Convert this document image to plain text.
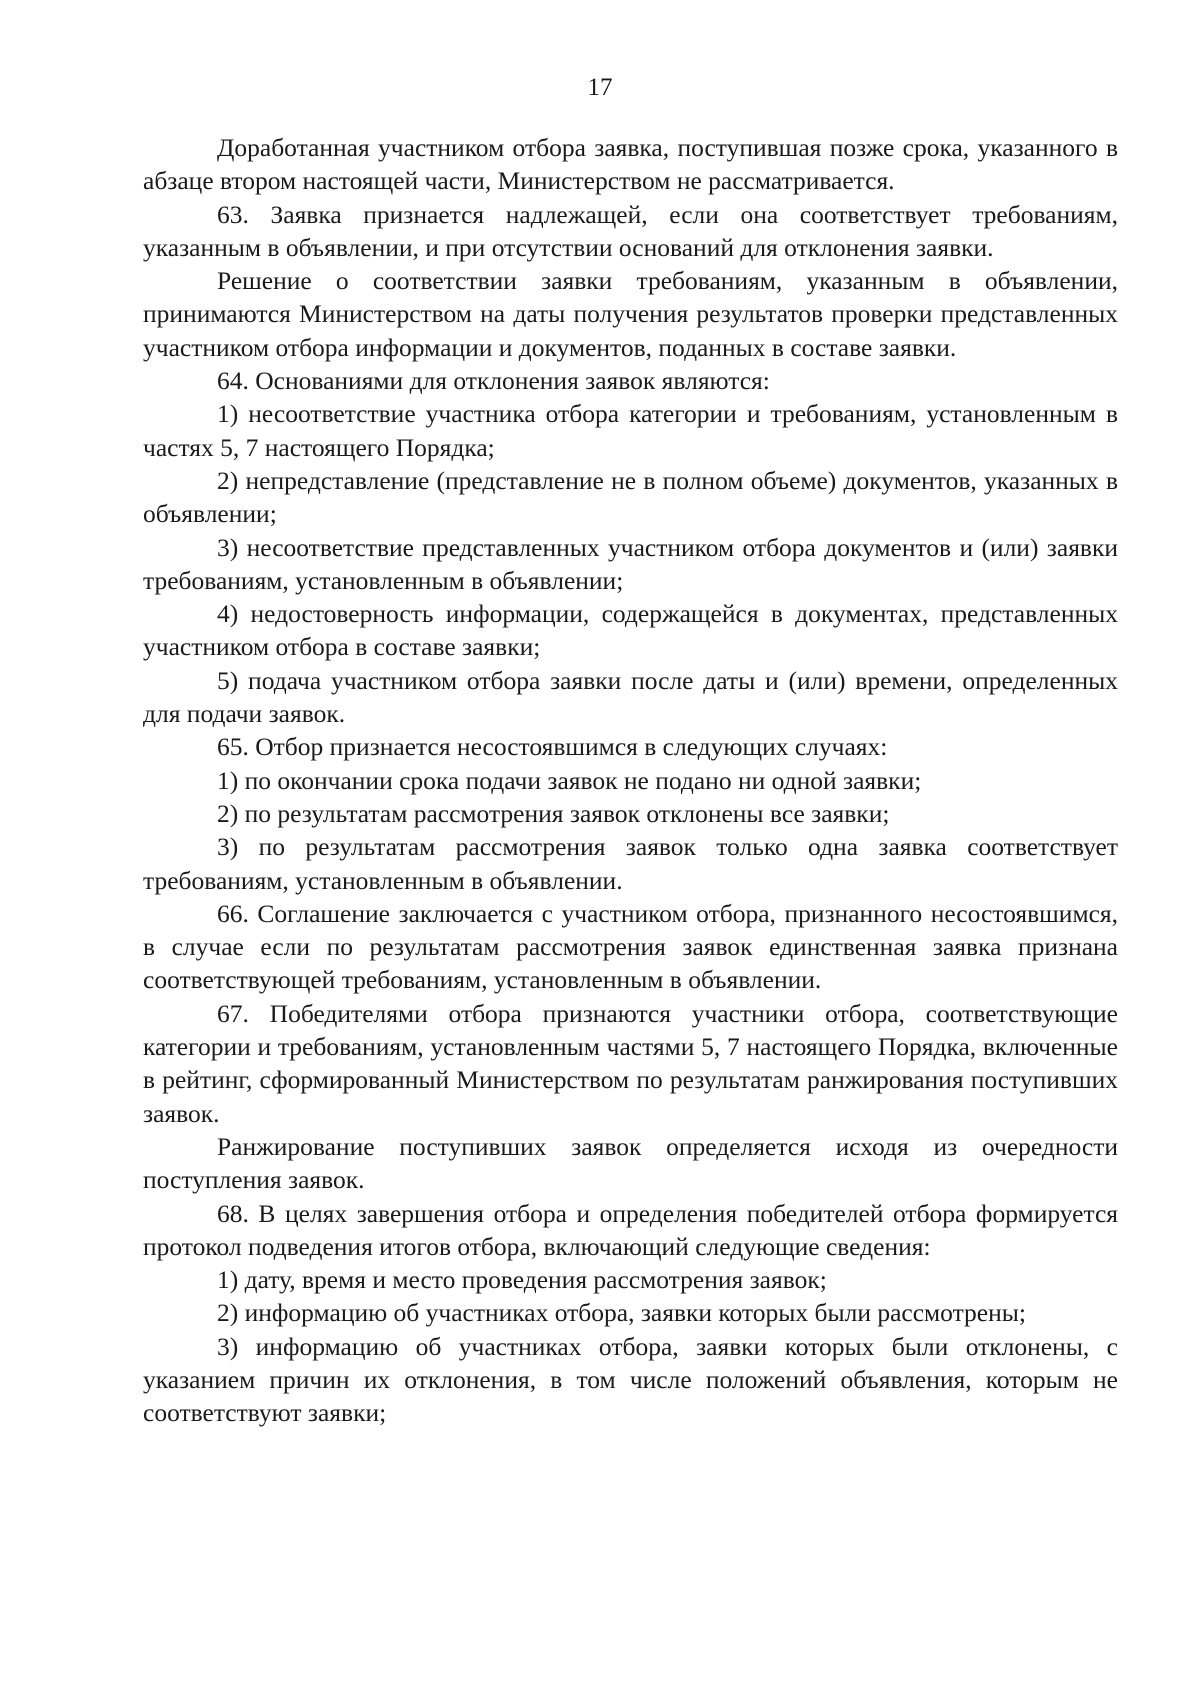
17

Доработанная участником отбора заявка, поступившая позже срока, указанного в абзаце втором настоящей части, Министерством не рассматривается.

63. Заявка признается надлежащей, если она соответствует требованиям, указанным в объявлении, и при отсутствии оснований для отклонения заявки.

Решение о соответствии заявки требованиям, указанным в объявлении, принимаются Министерством на даты получения результатов проверки представленных участником отбора информации и документов, поданных в составе заявки.

64. Основаниями для отклонения заявок являются:

1) несоответствие участника отбора категории и требованиям, установленным в частях 5, 7 настоящего Порядка;

2) непредставление (представление не в полном объеме) документов, указанных в объявлении;

3) несоответствие представленных участником отбора документов и (или) заявки требованиям, установленным в объявлении;

4) недостоверность информации, содержащейся в документах, представленных участником отбора в составе заявки;

5) подача участником отбора заявки после даты и (или) времени, определенных для подачи заявок.

65. Отбор признается несостоявшимся в следующих случаях:

1) по окончании срока подачи заявок не подано ни одной заявки;

2) по результатам рассмотрения заявок отклонены все заявки;

3) по результатам рассмотрения заявок только одна заявка соответствует требованиям, установленным в объявлении.

66. Соглашение заключается с участником отбора, признанного несостоявшимся, в случае если по результатам рассмотрения заявок единственная заявка признана соответствующей требованиям, установленным в объявлении.

67. Победителями отбора признаются участники отбора, соответствующие категории и требованиям, установленным частями 5, 7 настоящего Порядка, включенные в рейтинг, сформированный Министерством по результатам ранжирования поступивших заявок.

Ранжирование поступивших заявок определяется исходя из очередности поступления заявок.

68. В целях завершения отбора и определения победителей отбора формируется протокол подведения итогов отбора, включающий следующие сведения:

1) дату, время и место проведения рассмотрения заявок;

2) информацию об участниках отбора, заявки которых были рассмотрены;

3) информацию об участниках отбора, заявки которых были отклонены, с указанием причин их отклонения, в том числе положений объявления, которым не соответствуют заявки;
